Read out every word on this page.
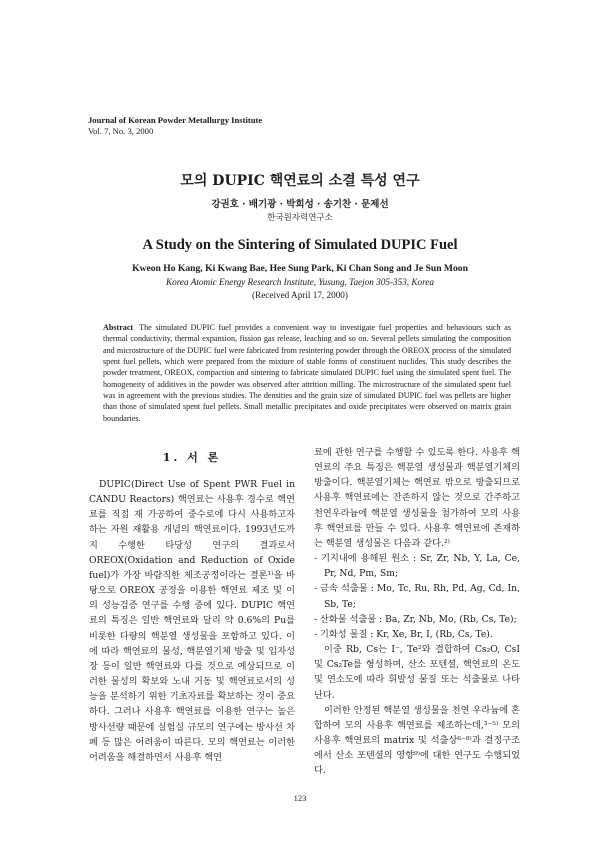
Journal of Korean Powder Metallurgy Institute
Vol. 7, No. 3, 2000
모의 DUPIC 핵연료의 소결 특성 연구
강권호 · 배기광 · 박희성 · 송기찬 · 문제선
한국원자력연구소
A Study on the Sintering of Simulated DUPIC Fuel
Kweon Ho Kang, Ki Kwang Bae, Hee Sung Park, Ki Chan Song and Je Sun Moon
Korea Atomic Energy Research Institute, Yusung, Taejon 305-353, Korea
(Received April 17, 2000)

Abstract The simulated DUPIC fuel provides a convenient way to investigate fuel properties and behaviours such as thermal conductivity, thermal expansion, fission gas release, leaching and so on. Several pellets simulating the composition and microstructure of the DUPIC fuel were fabricated from resintering powder through the OREOX process of the simulated spent fuel pellets, which were prepared from the mixture of stable forms of constituent nuclides. This study describes the powder treatment, OREOX, compaction and sintering to fabricate simulated DUPIC fuel using the simulated spent fuel. The homogeneity of additives in the powder was observed after attrition milling. The microstructure of the simulated spent fuel was in agreement with the previous studies. The densities and the grain size of simulated DUPIC fuel was pellets are higher than those of simulated spent fuel pellets. Small metallic precipitates and oxide precipitates were observed on matrix grain boundaries.

1. 서 론

DUPIC(Direct Use of Spent PWR Fuel in CANDU Reactors) 핵연료는 사용후 경수로 핵연료를 직접 재 가공하여 중수로에 다시 사용하고자 하는 자원 재활용 개념의 핵연료이다. 1993년도까지 수행한 타당성 연구의 결과로서 OREOX(Oxidation and Reduction of Oxide fuel)가 가장 바람직한 제조공정이라는 결론¹⁾을 바탕으로 OREOX 공정을 이용한 핵연료 제조 및 이의 성능검증 연구를 수행 중에 있다. DUPIC 핵연료의 특징은 일반 핵연료와 달리 약 0.6%의 Pu를 비롯한 다량의 핵분열 생성물을 포함하고 있다. 이에 따라 핵연료의 물성, 핵분열기체 방출 및 입자성장 등이 일반 핵연료와 다를 것으로 예상되므로 이러한 물성의 확보와 노내 거동 및 핵연료로서의 성능을 분석하기 위한 기초자료를 확보하는 것이 중요하다. 그러나 사용후 핵연료를 이용한 연구는 높은 방사선량 때문에 실험실 규모의 연구에는 방사선 차폐 등 많은 어려움이 따른다. 모의 핵연료는 이러한 어려움을 해결하면서 사용후 핵연

료에 관한 연구를 수행할 수 있도록 한다. 사용후 핵연료의 주요 특징은 핵분열 생성물과 핵분열기체의 방출이다. 핵분열기체는 핵연료 밖으로 방출되므로 사용후 핵연료에는 잔존하지 않는 것으로 간주하고 천연우라늄에 핵분열 생성물을 첨가하여 모의 사용후 핵연료를 만들 수 있다. 사용후 핵연료에 존재하는 핵분열 생성물은 다음과 같다.²⁾

- 기지내에 용해된 원소 : Sr, Zr, Nb, Y, La, Ce, Pr, Nd, Pm, Sm;
- 금속 석출물 : Mo, Tc, Ru, Rh, Pd, Ag, Cd, In, Sb, Te;
- 산화물 석출물 : Ba, Zr, Nb, Mo, (Rb, Cs, Te);
- 기화성 물질 : Kr, Xe, Br, I, (Rb, Cs, Te).

이중 Rb, Cs는 I⁻, Te²와 결합하여 Cs₂O, CsI 및 Cs₂Te를 형성하며, 산소 포텐셜, 핵연료의 온도 및 연소도에 따라 휘발성 물질 또는 석출물로 나타난다.

이러한 안정된 핵분열 생성물을 천연 우라늄에 혼합하여 모의 사용후 핵연료를 제조하는데,³⁻⁵⁾ 모의 사용후 핵연료의 matrix 및 석출상⁶⁻⁸⁾과 결정구조에서 산소 포텐셜의 영향⁹⁾에 대한 연구도 수행되었다.

123
